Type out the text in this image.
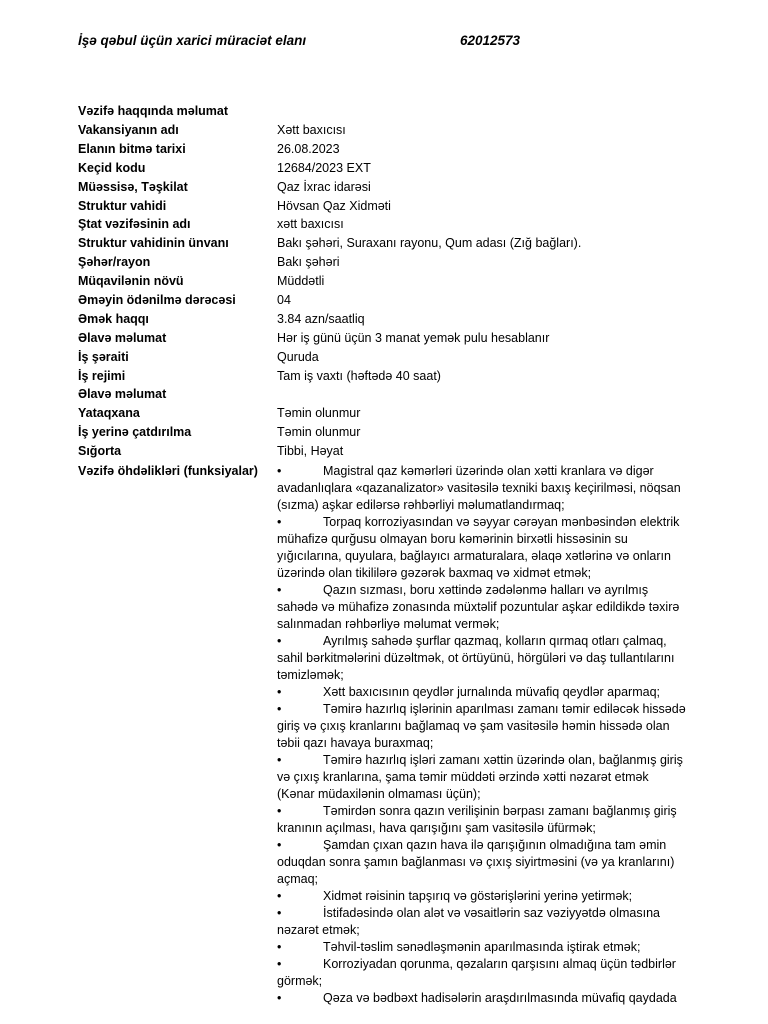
İşə qəbul üçün xarici müraciət elanı	62012573
Vəzifə haqqında məlumat
Vakansiyanın adı	Xətt baxıcısı
Elanın bitmə tarixi	26.08.2023
Keçid kodu	12684/2023 EXT
Müəssisə, Təşkilat	Qaz İxrac idarəsi
Struktur vahidi	Hövsan Qaz Xidməti
Ştat vəzifəsinin adı	xətt baxıcısı
Struktur vahidinin ünvanı	Bakı şəhəri, Suraxanı rayonu, Qum adası (Zığ bağları).
Şəhər/rayon	Bakı şəhəri
Müqavilənin növü	Müddətli
Əməyin ödənilmə dərəcəsi	04
Əmək haqqı	3.84 azn/saatliq
Əlavə məlumat	Hər iş günü üçün 3 manat yemək pulu hesablanır
İş şəraiti	Quruda
İş rejimi	Tam iş vaxtı (həftədə 40 saat)
Əlavə məlumat
Yataqxana	Təmin olunmur
İş yerinə çatdırılma	Təmin olunmur
Sığorta	Tibbi, Həyat
Vəzifə öhdəlikləri (funksiyalar)	•	Magistral qaz kəmərləri üzərində olan xətti kranlara və digər avadanlıqlara «qazanalizator» vasitəsilə texniki baxış keçirilməsi, nöqsan (sızma) aşkar edilərsə rəhbərliyi məlumatlandırmaq;
•	Torpaq korroziyasından və səyyar cərəyan mənbəsindən elektrik mühafizə qurğusu olmayan boru kəmərinin birxətli hissəsinin su yığıcılarına, quyulara, bağlayıcı armaturalara, əlaqə xətlərinə və onların üzərində olan tikililərə gəzərək baxmaq və xidmət etmək;
•	Qazın sızması, boru xəttində zədələnmə halları və ayrılmış sahədə və mühafizə zonasında müxtəlif pozuntular aşkar edildikdə təxirə salınmadan rəhbərliyə məlumat vermək;
•	Ayrılmış sahədə şurflar qazmaq, kolların qırmaq otları çalmaq, sahil bərkitmələrini düzəltmək, ot örtüyünü, hörgüləri və daş tullantılarını təmizləmək;
•	Xətt baxıcısının qeydlər jurnalında müvafiq qeydlər aparmaq;
•	Təmirə hazırlıq işlərinin aparılması zamanı təmir ediləcək hissədə giriş və çıxış kranlarını bağlamaq və şam vasitəsilə həmin hissədə olan təbii qazı havaya buraxmaq;
•	Təmirə hazırlıq işləri zamanı xəttin üzərində olan, bağlanmış giriş və çıxış kranlarına, şama təmir müddəti ərzində xətti nəzarət etmək (Kənar müdaxilənin olmaması üçün);
•	Təmirdən sonra qazın verilişinin bərpası zamanı bağlanmış giriş kranının açılması, hava qarışığını şam vasitəsilə üfürmək;
•	Şamdan çıxan qazın hava ilə qarışığının olmadığına tam əmin oduqdan sonra şamın bağlanması və çıxış siyirtməsini (və ya kranlarını) açmaq;
•	Xidmət rəisinin tapşırıq və göstərişlərini yerinə yetirmək;
•	İstifadəsində olan alət və vəsaitlərin saz vəziyyətdə olmasına nəzarət etmək;
•	Təhvil-təslim sənədləşmənin aparılmasında iştirak etmək;
•	Korroziyadan qorunma, qəzaların qarşısını almaq üçün tədbirlər görmək;
•	Qəza və bədbəxt hadisələrin araşdırılmasında müvafiq qaydada
